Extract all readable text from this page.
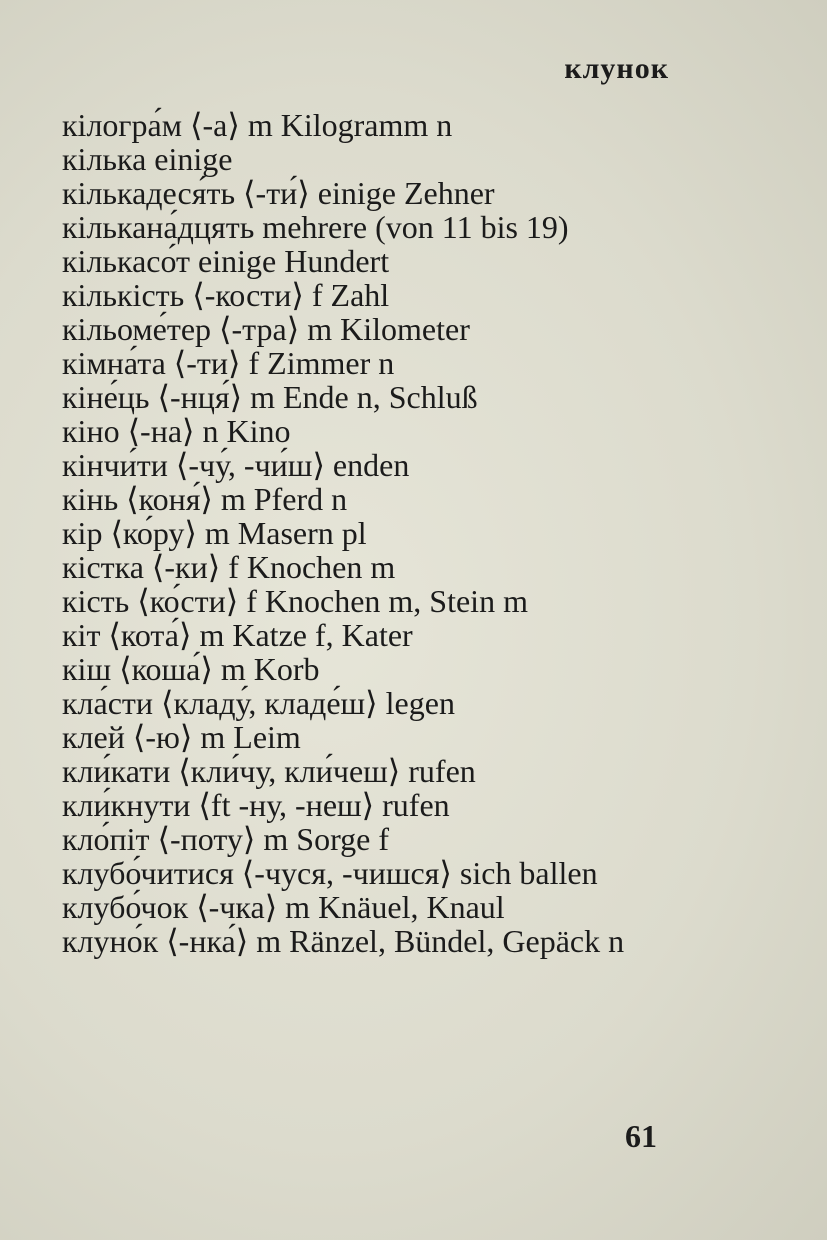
клунок

кілогра́м ⟨-а⟩ m Kilogramm n

кілька einige

кількадеся́ть ⟨-ти́⟩ einige Zehner

кількана́дцять mehrere (von 11 bis 19)

кількасо́т einige Hundert

кількість ⟨-кости⟩ f Zahl

кільоме́тер ⟨-тра⟩ m Kilometer

кімна́та ⟨-ти⟩ f Zimmer n

кіне́ць ⟨-нця́⟩ m Ende n, Schluß

кіно ⟨-на⟩ n Kino

кінчи́ти ⟨-чу́, -чи́ш⟩ enden

кінь ⟨коня́⟩ m Pferd n

кір ⟨ко́ру⟩ m Masern pl

кістка ⟨-ки⟩ f Knochen m

кість ⟨ко́сти⟩ f Knochen m, Stein m

кіт ⟨кота́⟩ m Katze f, Kater

кіш ⟨коша́⟩ m Korb

кла́сти ⟨кладу́, кладе́ш⟩ legen

клей ⟨-ю⟩ m Leim

кли́кати ⟨кли́чу, кли́чеш⟩ rufen

кли́кнути ⟨ft -ну, -неш⟩ rufen

кло́піт ⟨-поту⟩ m Sorge f

клубо́читися ⟨-чуся, -чишся⟩ sich ballen

клубо́чок ⟨-чка⟩ m Knäuel, Knaul

клуно́к ⟨-нка́⟩ m Ränzel, Bündel, Gepäck n

61
